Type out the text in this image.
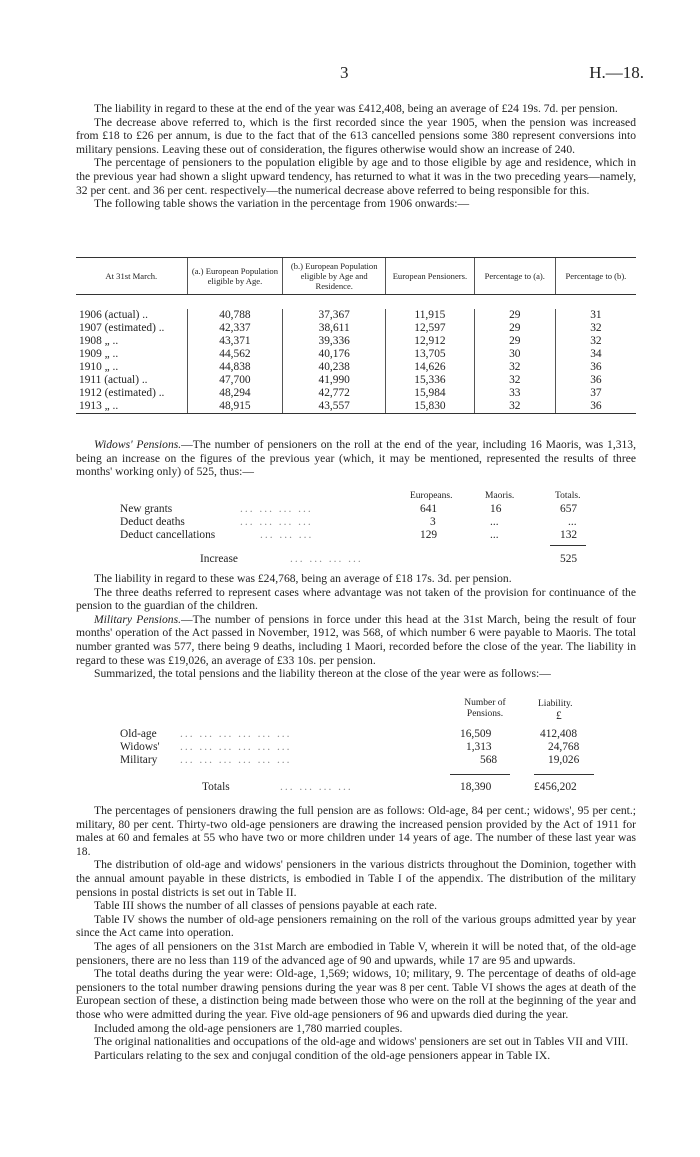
3	H.—18.

The liability in regard to these at the end of the year was £412,408, being an average of £24 19s. 7d. per pension.

The decrease above referred to, which is the first recorded since the year 1905, when the pension was increased from £18 to £26 per annum, is due to the fact that of the 613 cancelled pensions some 380 represent conversions into military pensions. Leaving these out of consideration, the figures otherwise would show an increase of 240.

The percentage of pensioners to the population eligible by age and to those eligible by age and residence, which in the previous year had shown a slight upward tendency, has returned to what it was in the two preceding years—namely, 32 per cent. and 36 per cent. respectively—the numerical decrease above referred to being responsible for this.

The following table shows the variation in the percentage from 1906 onwards:—

At 31st March.	(a.) European Population eligible by Age.	(b.) European Population eligible by Age and Residence.	European Pensioners.	Percentage to (a).	Percentage to (b).

1906 (actual) ..	40,788	37,367	11,915	29	31
1907 (estimated) ..	42,337	38,611	12,597	29	32
1908 „ ..	43,371	39,336	12,912	29	32
1909 „ ..	44,562	40,176	13,705	30	34
1910 „ ..	44,838	40,238	14,626	32	36
1911 (actual) ..	47,700	41,990	15,336	32	36
1912 (estimated) ..	48,294	42,772	15,984	33	37
1913 „ ..	48,915	43,557	15,830	32	36

Widows' Pensions.—The number of pensioners on the roll at the end of the year, including 16 Maoris, was 1,313, being an increase on the figures of the previous year (which, it may be mentioned, represented the results of three months' working only) of 525, thus:—

Europeans.	Maoris.	Totals.
New grants	... ... ... ...	641	16	657
Deduct deaths	... ... ... ...	3	...	...
Deduct cancellations	... ... ...	129	...	132
Increase	... ... ... ...	525

The liability in regard to these was £24,768, being an average of £18 17s. 3d. per pension.

The three deaths referred to represent cases where advantage was not taken of the provision for continuance of the pension to the guardian of the children.

Military Pensions.—The number of pensions in force under this head at the 31st March, being the result of four months' operation of the Act passed in November, 1912, was 568, of which number 6 were payable to Maoris. The total number granted was 577, there being 9 deaths, including 1 Maori, recorded before the close of the year. The liability in regard to these was £19,026, an average of £33 10s. per pension.

Summarized, the total pensions and the liability thereon at the close of the year were as follows:—

Number of Pensions.
Liability.
£
Old-age ... ... ... ... ... ...	16,509	412,408
Widows' ... ... ... ... ... ...	1,313	24,768
Military ... ... ... ... ... ...	568	19,026
Totals	... ... ... ...	18,390	£456,202

The percentages of pensioners drawing the full pension are as follows: Old-age, 84 per cent.; widows', 95 per cent.; military, 80 per cent. Thirty-two old-age pensioners are drawing the increased pension provided by the Act of 1911 for males at 60 and females at 55 who have two or more children under 14 years of age. The number of these last year was 18.

The distribution of old-age and widows' pensioners in the various districts throughout the Dominion, together with the annual amount payable in these districts, is embodied in Table I of the appendix. The distribution of the military pensions in postal districts is set out in Table II.

Table III shows the number of all classes of pensions payable at each rate.

Table IV shows the number of old-age pensioners remaining on the roll of the various groups admitted year by year since the Act came into operation.

The ages of all pensioners on the 31st March are embodied in Table V, wherein it will be noted that, of the old-age pensioners, there are no less than 119 of the advanced age of 90 and upwards, while 17 are 95 and upwards.

The total deaths during the year were: Old-age, 1,569; widows, 10; military, 9. The percentage of deaths of old-age pensioners to the total number drawing pensions during the year was 8 per cent. Table VI shows the ages at death of the European section of these, a distinction being made between those who were on the roll at the beginning of the year and those who were admitted during the year. Five old-age pensioners of 96 and upwards died during the year.

Included among the old-age pensioners are 1,780 married couples.

The original nationalities and occupations of the old-age and widows' pensioners are set out in Tables VII and VIII.

Particulars relating to the sex and conjugal condition of the old-age pensioners appear in Table IX.
